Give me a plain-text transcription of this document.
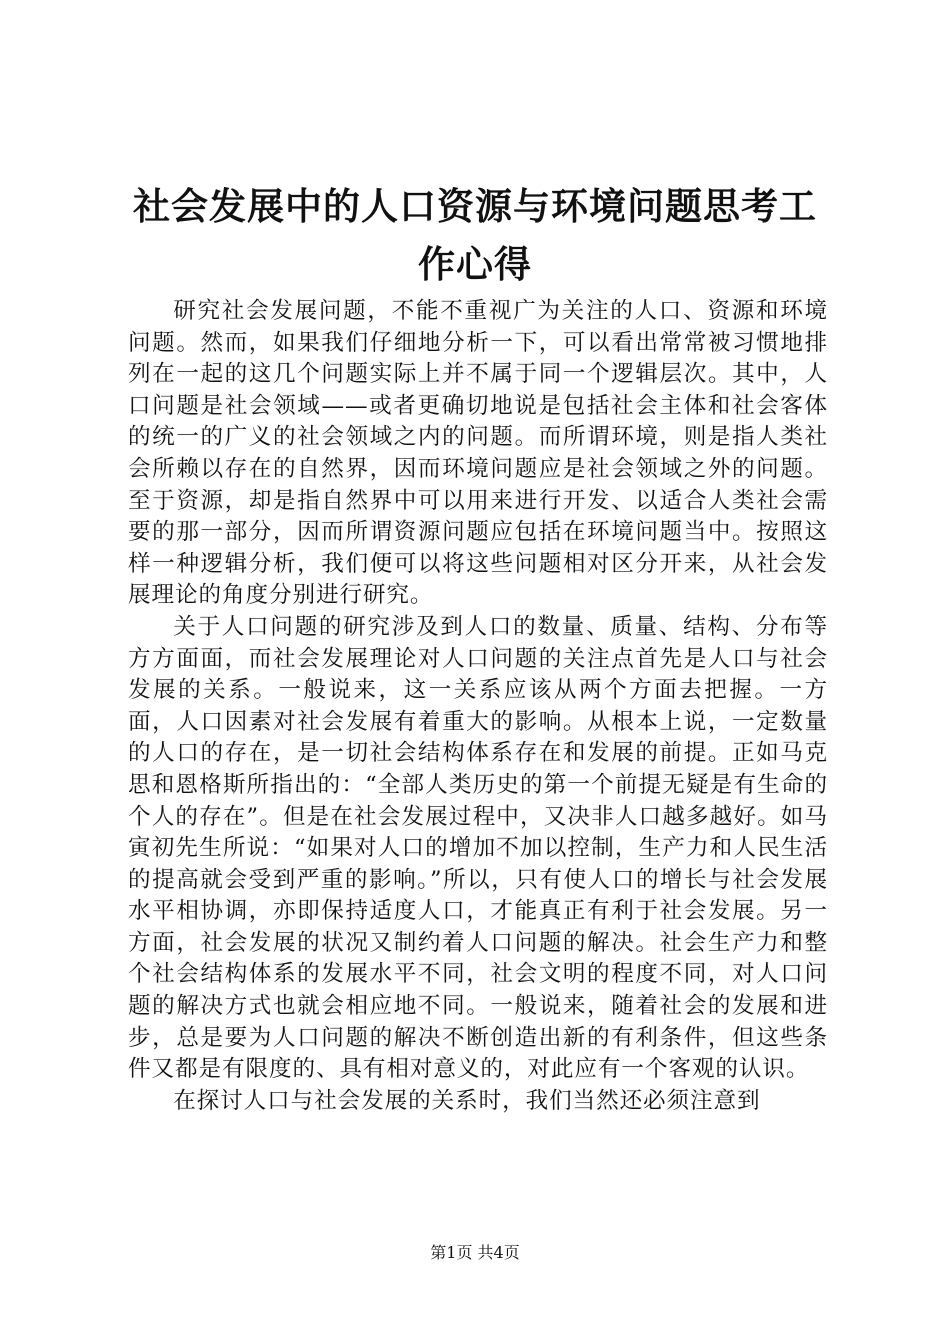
社会发展中的人口资源与环境问题思考工作心得

研究社会发展问题，不能不重视广为关注的人口、资源和环境问题。然而，如果我们仔细地分析一下，可以看出常常被习惯地排列在一起的这几个问题实际上并不属于同一个逻辑层次。其中，人口问题是社会领域——或者更确切地说是包括社会主体和社会客体的统一的广义的社会领域之内的问题。而所谓环境，则是指人类社会所赖以存在的自然界，因而环境问题应是社会领域之外的问题。至于资源，却是指自然界中可以用来进行开发、以适合人类社会需要的那一部分，因而所谓资源问题应包括在环境问题当中。按照这样一种逻辑分析，我们便可以将这些问题相对区分开来，从社会发展理论的角度分别进行研究。

关于人口问题的研究涉及到人口的数量、质量、结构、分布等方方面面，而社会发展理论对人口问题的关注点首先是人口与社会发展的关系。一般说来，这一关系应该从两个方面去把握。一方面，人口因素对社会发展有着重大的影响。从根本上说，一定数量的人口的存在，是一切社会结构体系存在和发展的前提。正如马克思和恩格斯所指出的：“全部人类历史的第一个前提无疑是有生命的个人的存在”。但是在社会发展过程中，又决非人口越多越好。如马寅初先生所说：“如果对人口的增加不加以控制，生产力和人民生活的提高就会受到严重的影响。”所以，只有使人口的增长与社会发展水平相协调，亦即保持适度人口，才能真正有利于社会发展。另一方面，社会发展的状况又制约着人口问题的解决。社会生产力和整个社会结构体系的发展水平不同，社会文明的程度不同，对人口问题的解决方式也就会相应地不同。一般说来，随着社会的发展和进步，总是要为人口问题的解决不断创造出新的有利条件，但这些条件又都是有限度的、具有相对意义的，对此应有一个客观的认识。

在探讨人口与社会发展的关系时，我们当然还必须注意到

第1页 共4页
